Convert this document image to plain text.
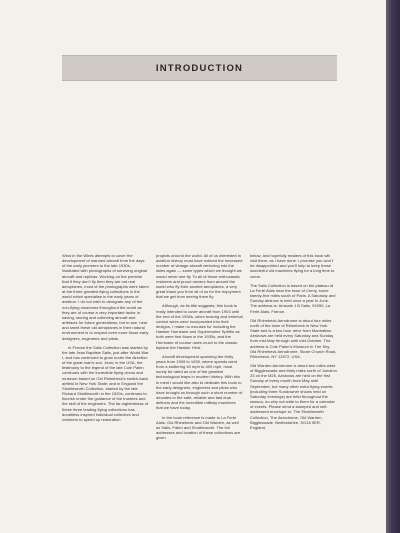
INTRODUCTION

Wind in the Wires attempts to cover the development of manned aircraft from the days of the early pioneers to the late 1930s, illustrated with photographs of surviving original aircraft and replicas. Working on the premise that if they don’t fly then they are not real aeroplanes, most of the photographs were taken at the three greatest flying collections in the world which specialise in the early years of aviation. I do not wish to denigrate any of the non-flying museums throughout the world as they are of course a very important factor in saving, storing and collecting aircraft and artefacts for future generations, but to see, hear and smell these old aeroplanes in their natural environment is to respect even more those early designers, engineers and pilots.

In France the Salis Collection was started by the late Jean Baptiste Salis, just after World War I, and has continued to grow under the direction of the great man’s son, Jean; in the USA, the testimony to the legend of the late Cole Palen continues with the incredible flying circus and museum based on Old Rhinebeck’s switch-back airfield in New York State; and in England the Shuttleworth Collection, started by the late Richard Shuttleworth in the 1920s, continues to flourish under the guidance of the trustees and the skill of the engineers. The far-sightedness of these three leading flying collections has doubtless inspired individual collectors and restorers to speed up restoration

projects around the world. All of us interested in aviation history must have noticed the increased number of vintage aircraft venturing into the skies again — some types which we thought we would never see fly. To all of those enthusiastic restorers and proud owners from around the world who fly their ancient aeroplanes, a very great thank you from all of us for the enjoyment that we get from seeing them fly.

Although, as its title suggests, this book is really intended to cover aircraft from 1903 until the end of the 1930s, when bracing and external control wires were incorporated into their designs, I make no excuses for including the Hawker Hurricane and Supermarine Spitfire as both were first flown in the 1930s, and the Hurricane of course owes much to the classic biplane the Hawker Hind.

Aircraft development spanning the thirty years from 1909 to 1939, where speeds went from a stuttering 40 mph to 400 mph, must surely be rated as one of the greatest technological leaps in modern history. With this in mind I would like also to dedicate this book to the early designers, engineers and pilots who have brought us through such a short number of decades to the safe, reliable and fast dual airliners and the incredible military machines that we have today.

In the book reference is made to La Ferté Alais, Old Rhinebeck and Old Warden, as well as Salis, Palen and Shuttleworth. The full addresses and location of these collections are given

below, and hopefully readers of this book will visit them, as I have done. I promise you won’t be disappointed and you’ll help to keep these wonderful old machines flying for a long time to come.

The Salis Collection is based on the plateau of La Ferté Alais near the town of Cerny, some twenty-five miles south of Paris. A Saturday and Sunday airshow is held once a year in June. The address is: Amicale J B Salis, 91590, La Ferté Alais, France.

Old Rhinebeck Aerodrome is about four miles north of the town of Rhinebeck in New York State and is a two-hour drive from Manhattan. Airshows are held every Saturday and Sunday from mid-May through until mid-October. The address is Cole Palen’s Museum In The Sky, Old Rhinebeck Aerodrome, Stone Church Road, Rhinebeck, NY 12572, USA.

Old Warden Aerodrome is about two miles west of Biggleswade and thirty miles north of Junction 23 on the M25. Airshows are held on the first Sunday of every month from May until September, but many other extra flying events (including three Sundowner shows held on Saturday evenings) are held throughout the season, so why not write to them for a calendar of events. Please send a stamped and self-addressed envelope to: The Shuttleworth Collection, The Aerodrome, Old Warden, Biggleswade, Bedfordshire, SG18 9ER, England.
